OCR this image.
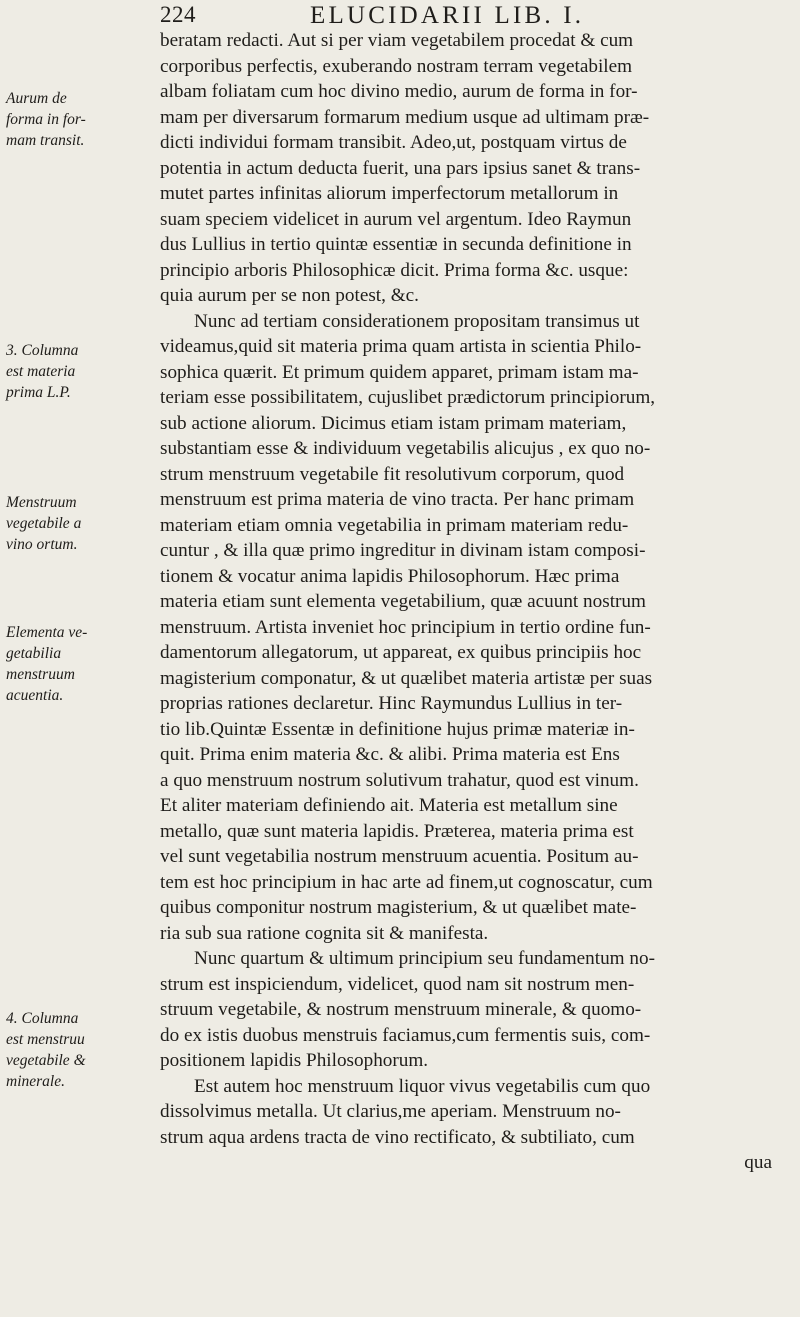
224	ELUCIDARII LIB. I.
Aurum de
forma in for-
mam transit.
3. Columna
est materia
prima L.P.
Menstruum
vegetabile a
vino ortum.
Elementa ve-
getabilia
menstruum
acuentia.
4. Columna
est menstruu
vegetabile &
minerale.
beratam redacti. Aut si per viam vegetabilem procedat & cum
corporibus perfectis, exuberando nostram terram vegetabilem
albam foliatam cum hoc divino medio, aurum de forma in for-
mam per diversarum formarum medium usque ad ultimam præ-
dicti individui formam transibit. Adeo,ut, postquam virtus de
potentia in actum deducta fuerit, una pars ipsius sanet & trans-
mutet partes infinitas aliorum imperfectorum metallorum in
suam speciem videlicet in aurum vel argentum. Ideo Raymun
dus Lullius in tertio quintæ essentiæ in secunda definitione in
principio arboris Philosophicæ dicit. Prima forma &c. usque:
quia aurum per se non potest, &c.
Nunc ad tertiam considerationem propositam transimus ut
videamus,quid sit materia prima quam artista in scientia Philo-
sophica quærit. Et primum quidem apparet, primam istam ma-
teriam esse possibilitatem, cujuslibet prædictorum principiorum,
sub actione aliorum. Dicimus etiam istam primam materiam,
substantiam esse & individuum vegetabilis alicujus , ex quo no-
strum menstruum vegetabile fit resolutivum corporum, quod
menstruum est prima materia de vino tracta. Per hanc primam
materiam etiam omnia vegetabilia in primam materiam redu-
cuntur , & illa quæ primo ingreditur in divinam istam composi-
tionem & vocatur anima lapidis Philosophorum. Hæc prima
materia etiam sunt elementa vegetabilium, quæ acuunt nostrum
menstruum. Artista inveniet hoc principium in tertio ordine fun-
damentorum allegatorum, ut appareat, ex quibus principiis hoc
magisterium componatur, & ut quælibet materia artistæ per suas
proprias rationes declaretur. Hinc Raymundus Lullius in ter-
tio lib.Quintæ Essentæ in definitione hujus primæ materiæ in-
quit. Prima enim materia &c. & alibi. Prima materia est Ens
a quo menstruum nostrum solutivum trahatur, quod est vinum.
Et aliter materiam definiendo ait. Materia est metallum sine
metallo, quæ sunt materia lapidis. Præterea, materia prima est
vel sunt vegetabilia nostrum menstruum acuentia. Positum au-
tem est hoc principium in hac arte ad finem,ut cognoscatur, cum
quibus componitur nostrum magisterium, & ut quælibet mate-
ria sub sua ratione cognita sit & manifesta.
Nunc quartum & ultimum principium seu fundamentum no-
strum est inspiciendum, videlicet, quod nam sit nostrum men-
struum vegetabile, & nostrum menstruum minerale, & quomo-
do ex istis duobus menstruis faciamus,cum fermentis suis, com-
positionem lapidis Philosophorum.
Est autem hoc menstruum liquor vivus vegetabilis cum quo
dissolvimus metalla. Ut clarius,me aperiam. Menstruum no-
strum aqua ardens tracta de vino rectificato, & subtiliato, cum
qua
